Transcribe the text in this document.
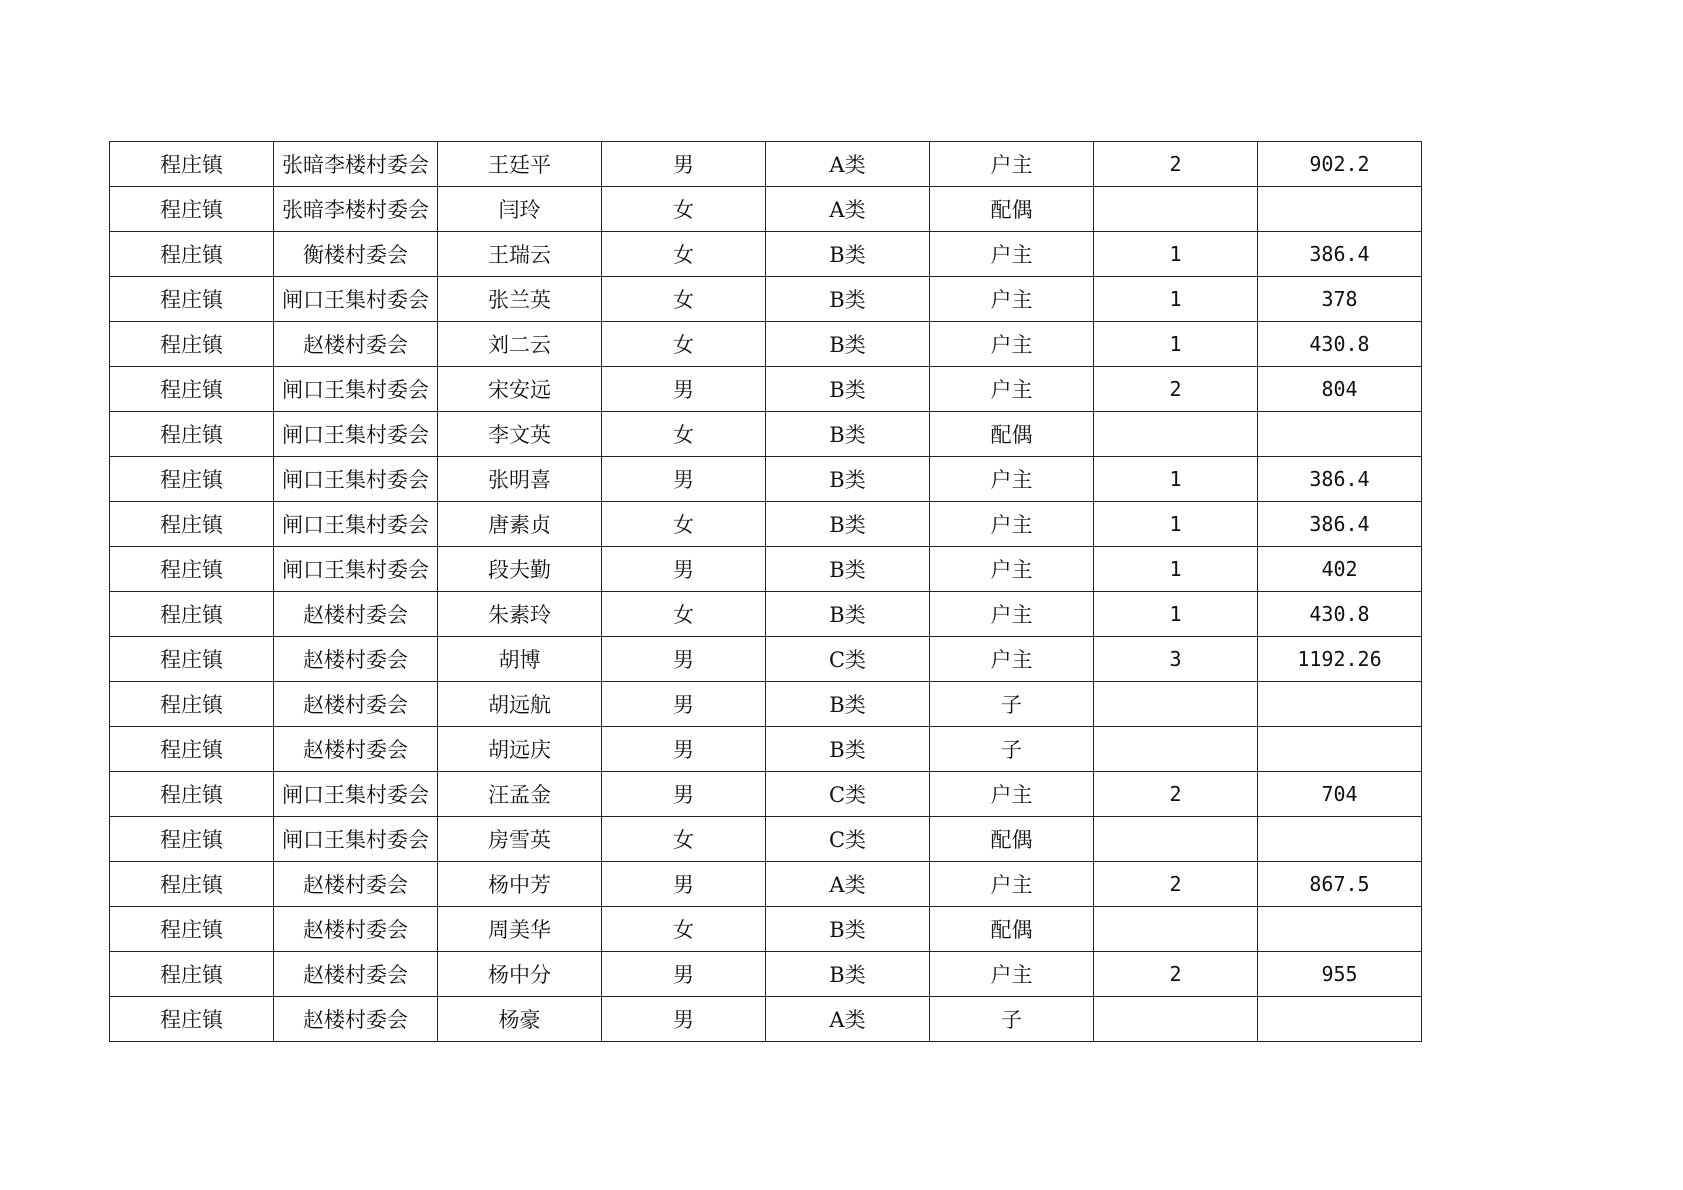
程庄镇	张暗李楼村委会	王廷平	男	A类	户主	2	902.2
程庄镇	张暗李楼村委会	闫玲	女	A类	配偶		
程庄镇	衡楼村委会	王瑞云	女	B类	户主	1	386.4
程庄镇	闸口王集村委会	张兰英	女	B类	户主	1	378
程庄镇	赵楼村委会	刘二云	女	B类	户主	1	430.8
程庄镇	闸口王集村委会	宋安远	男	B类	户主	2	804
程庄镇	闸口王集村委会	李文英	女	B类	配偶		
程庄镇	闸口王集村委会	张明喜	男	B类	户主	1	386.4
程庄镇	闸口王集村委会	唐素贞	女	B类	户主	1	386.4
程庄镇	闸口王集村委会	段夫勤	男	B类	户主	1	402
程庄镇	赵楼村委会	朱素玲	女	B类	户主	1	430.8
程庄镇	赵楼村委会	胡博	男	C类	户主	3	1192.26
程庄镇	赵楼村委会	胡远航	男	B类	子		
程庄镇	赵楼村委会	胡远庆	男	B类	子		
程庄镇	闸口王集村委会	汪孟金	男	C类	户主	2	704
程庄镇	闸口王集村委会	房雪英	女	C类	配偶		
程庄镇	赵楼村委会	杨中芳	男	A类	户主	2	867.5
程庄镇	赵楼村委会	周美华	女	B类	配偶		
程庄镇	赵楼村委会	杨中分	男	B类	户主	2	955
程庄镇	赵楼村委会	杨豪	男	A类	子		
